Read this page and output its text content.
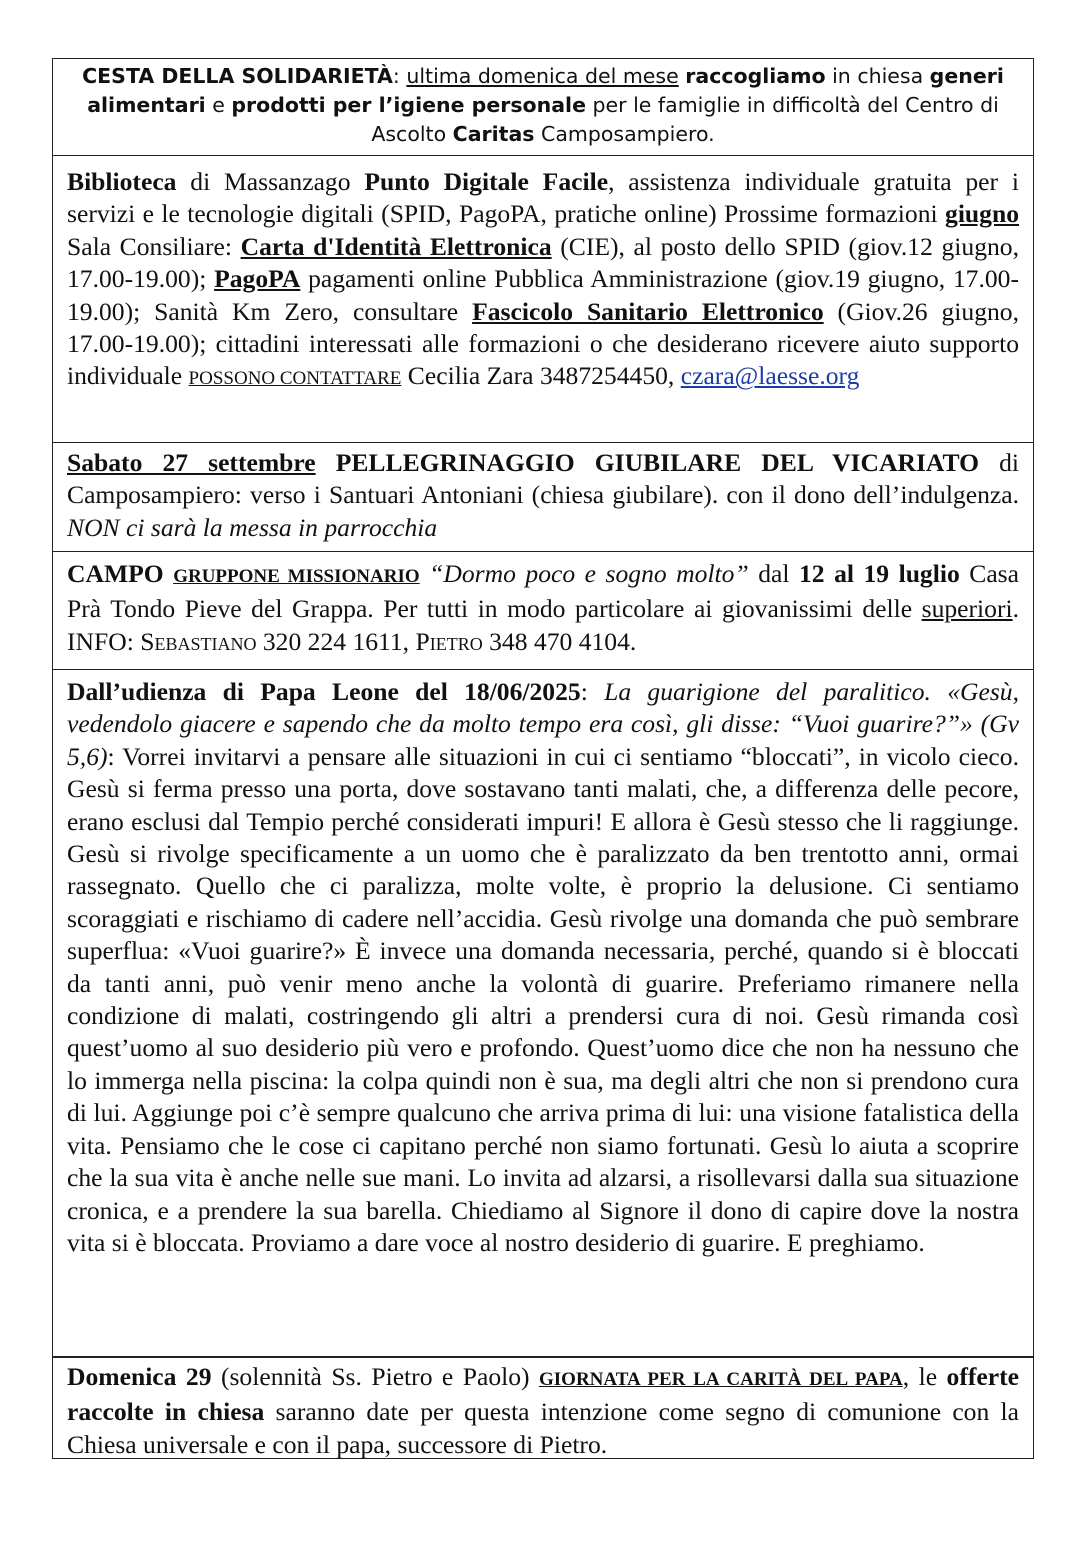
CESTA DELLA SOLIDARIETÀ: ultima domenica del mese raccogliamo in chiesa generi alimentari e prodotti per l’igiene personale per le famiglie in difficoltà del Centro di Ascolto Caritas Camposampiero.
Biblioteca di Massanzago Punto Digitale Facile, assistenza individuale gratuita per i servizi e le tecnologie digitali (SPID, PagoPA, pratiche online) Prossime formazioni giugno Sala Consiliare: Carta d'Identità Elettronica (CIE), al posto dello SPID (giov.12 giugno, 17.00-19.00); PagoPA pagamenti online Pubblica Amministrazione (giov.19 giugno, 17.00-19.00); Sanità Km Zero, consultare Fascicolo Sanitario Elettronico (Giov.26 giugno, 17.00-19.00); cittadini interessati alle formazioni o che desiderano ricevere aiuto supporto individuale POSSONO CONTATTARE Cecilia Zara 3487254450, czara@laesse.org
Sabato 27 settembre PELLEGRINAGGIO GIUBILARE DEL VICARIATO di Camposampiero: verso i Santuari Antoniani (chiesa giubilare). con il dono dell’indulgenza. NON ci sarà la messa in parrocchia
CAMPO GRUPPONE MISSIONARIO “Dormo poco e sogno molto” dal 12 al 19 luglio Casa Prà Tondo Pieve del Grappa. Per tutti in modo particolare ai giovanissimi delle superiori. INFO: Sebastiano 320 224 1611, Pietro 348 470 4104.
Dall’udienza di Papa Leone del 18/06/2025: La guarigione del paralitico. «Gesù, vedendolo giacere e sapendo che da molto tempo era così, gli disse: “Vuoi guarire?”» (Gv 5,6): Vorrei invitarvi a pensare alle situazioni in cui ci sentiamo “bloccati”, in vicolo cieco. Gesù si ferma presso una porta, dove sostavano tanti malati, che, a differenza delle pecore, erano esclusi dal Tempio perché considerati impuri! E allora è Gesù stesso che li raggiunge. Gesù si rivolge specificamente a un uomo che è paralizzato da ben trentotto anni, ormai rassegnato. Quello che ci paralizza, molte volte, è proprio la delusione. Ci sentiamo scoraggiati e rischiamo di cadere nell’accidia. Gesù rivolge una domanda che può sembrare superflua: «Vuoi guarire?» È invece una domanda necessaria, perché, quando si è bloccati da tanti anni, può venir meno anche la volontà di guarire. Preferiamo rimanere nella condizione di malati, costringendo gli altri a prendersi cura di noi. Gesù rimanda così quest’uomo al suo desiderio più vero e profondo. Quest’uomo dice che non ha nessuno che lo immerga nella piscina: la colpa quindi non è sua, ma degli altri che non si prendono cura di lui. Aggiunge poi c’è sempre qualcuno che arriva prima di lui: una visione fatalistica della vita. Pensiamo che le cose ci capitano perché non siamo fortunati. Gesù lo aiuta a scoprire che la sua vita è anche nelle sue mani. Lo invita ad alzarsi, a risollevarsi dalla sua situazione cronica, e a prendere la sua barella. Chiediamo al Signore il dono di capire dove la nostra vita si è bloccata. Proviamo a dare voce al nostro desiderio di guarire. E preghiamo.
Domenica 29 (solennità Ss. Pietro e Paolo) GIORNATA PER LA CARITÀ DEL PAPA, le offerte raccolte in chiesa saranno date per questa intenzione come segno di comunione con la Chiesa universale e con il papa, successore di Pietro.
